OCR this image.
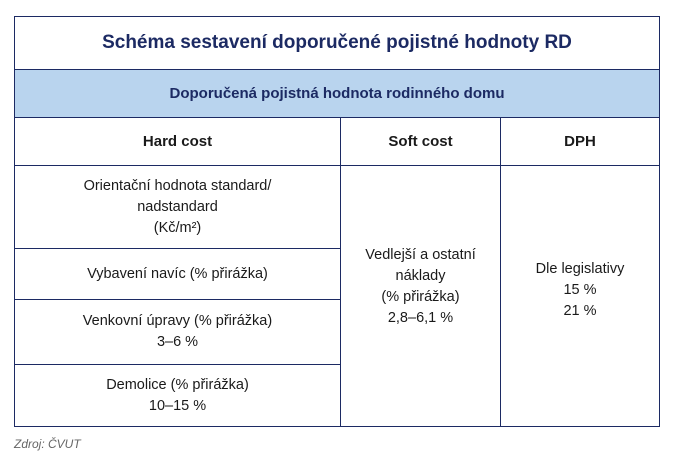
Schéma sestavení doporučené pojistné hodnoty RD
Doporučená pojistná hodnota rodinného domu
Hard cost	Soft cost	DPH
Orientační hodnota standard/
nadstandard
(Kč/m²)
Vybavení navíc (% přirážka)
Venkovní úpravy (% přirážka)
3–6 %
Demolice (% přirážka)
10–15 %
Vedlejší a ostatní
náklady
(% přirážka)
2,8–6,1 %
Dle legislativy
15 %
21 %
Zdroj: ČVUT
